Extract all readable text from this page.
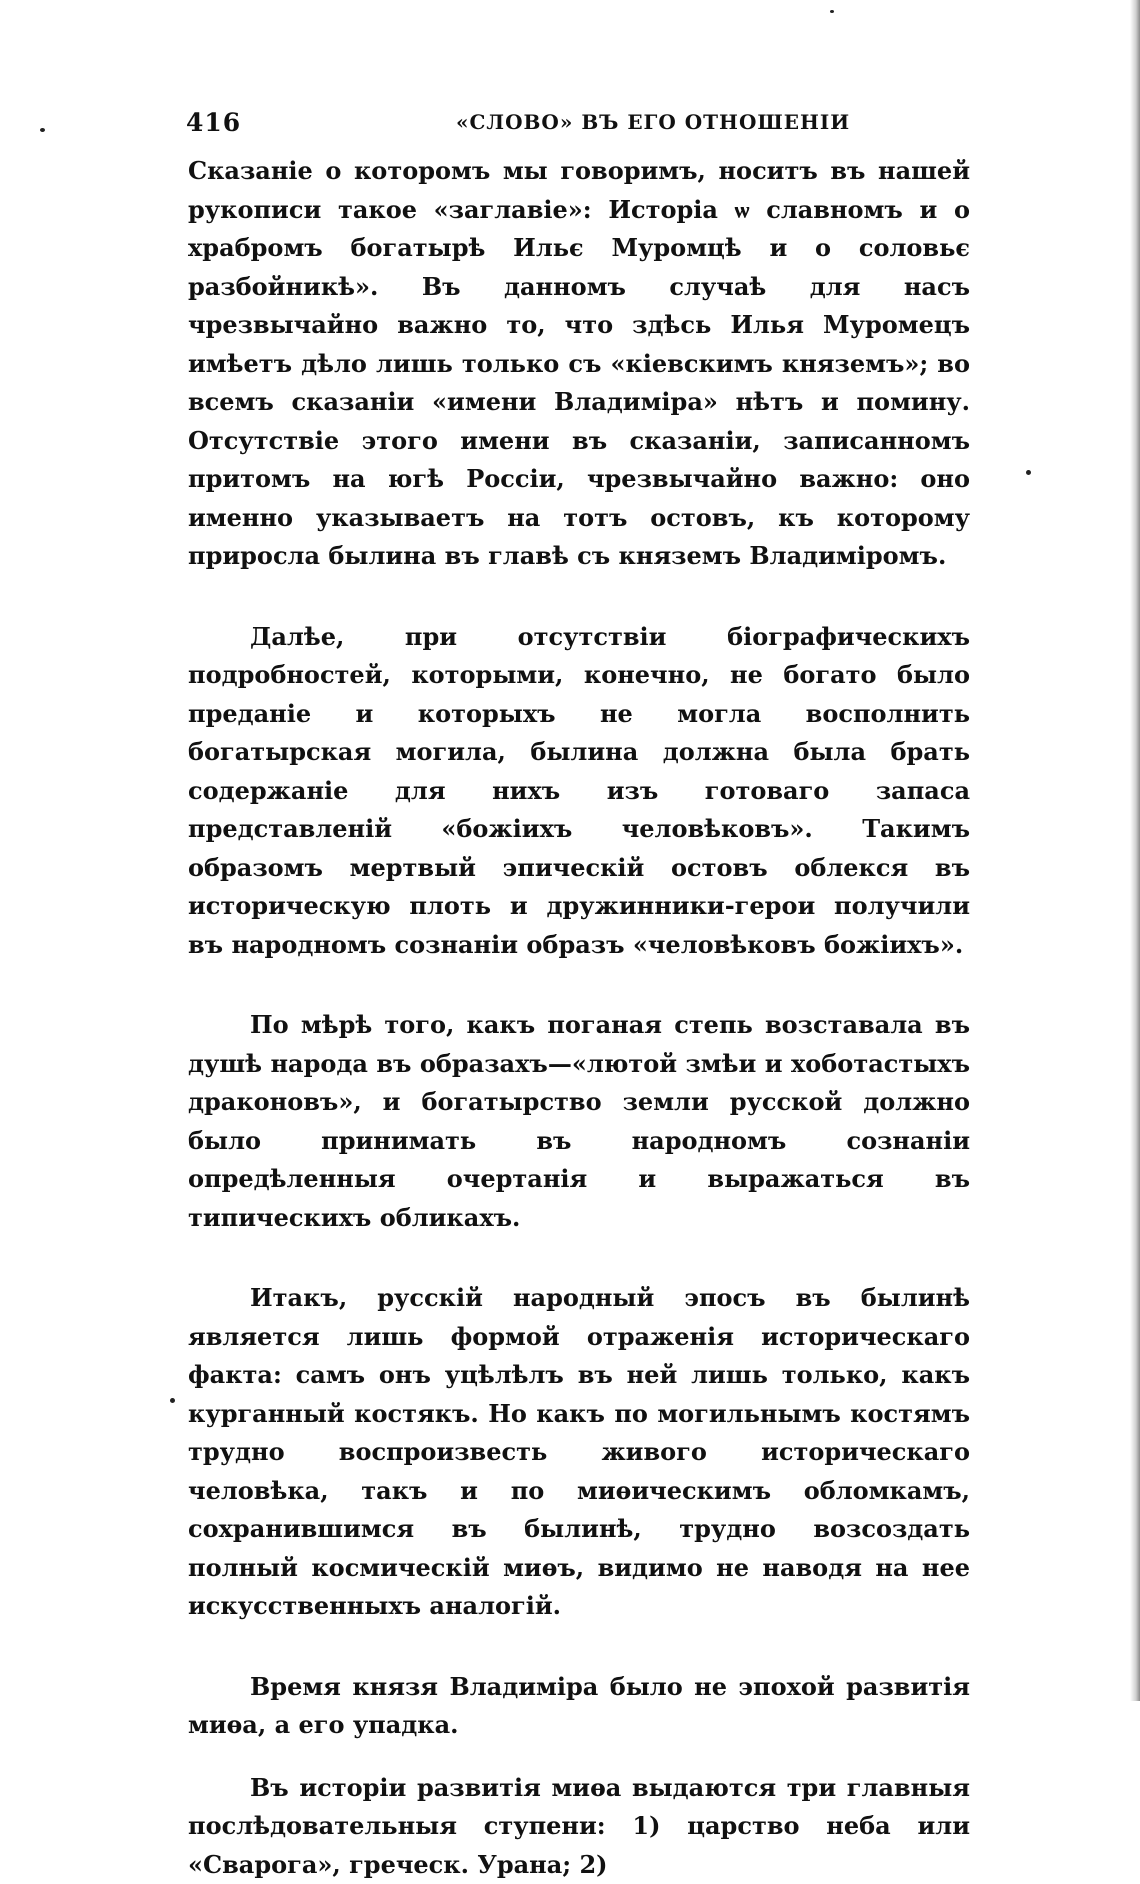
416	«СЛОВО» ВЪ ЕГО ОТНОШЕНІИ

Сказаніе о которомъ мы говоримъ, носитъ въ нашей рукописи такое «заглавіе»: Исторіа ѡ славномъ и о храбромъ богатырѣ Ильє Муромцѣ и о соловьє разбойникѣ». Въ данномъ случаѣ для насъ чрезвычайно важно то, что здѣсь Илья Муромецъ имѣетъ дѣло лишь только съ «кіевскимъ княземъ»; во всемъ сказаніи «имени Владиміра» нѣтъ и помину. Отсутствіе этого имени въ сказаніи, записанномъ притомъ на югѣ Россіи, чрезвычайно важно: оно именно указываетъ на тотъ остовъ, къ которому приросла былина въ главѣ съ княземъ Владиміромъ.

Далѣе, при отсутствіи біографическихъ подробностей, которыми, конечно, не богато было преданіе и которыхъ не могла восполнить богатырская могила, былина должна была брать содержаніе для нихъ изъ готоваго запаса представленій «божіихъ человѣковъ». Такимъ образомъ мертвый эпическій остовъ облекся въ историческую плоть и дружинники-герои получили въ народномъ сознаніи образъ «человѣковъ божіихъ».

По мѣрѣ того, какъ поганая степь возставала въ душѣ народа въ образахъ—«лютой змѣи и хоботастыхъ драконовъ», и богатырство земли русской должно было принимать въ народномъ сознаніи опредѣленныя очертанія и выражаться въ типическихъ обликахъ.

Итакъ, русскій народный эпосъ въ былинѣ является лишь формой отраженія историческаго факта: самъ онъ уцѣлѣлъ въ ней лишь только, какъ курганный костякъ. Но какъ по могильнымъ костямъ трудно воспроизвесть живого историческаго человѣка, такъ и по миѳическимъ обломкамъ, сохранившимся въ былинѣ, трудно возсоздать полный космическій миѳъ, видимо не наводя на нее искусственныхъ аналогій.

Время князя Владиміра было не эпохой развитія миѳа, а его упадка.

Въ исторіи развитія миѳа выдаются три главныя послѣдовательныя ступени: 1) царство неба или «Сварога», греческ. Урана; 2)
